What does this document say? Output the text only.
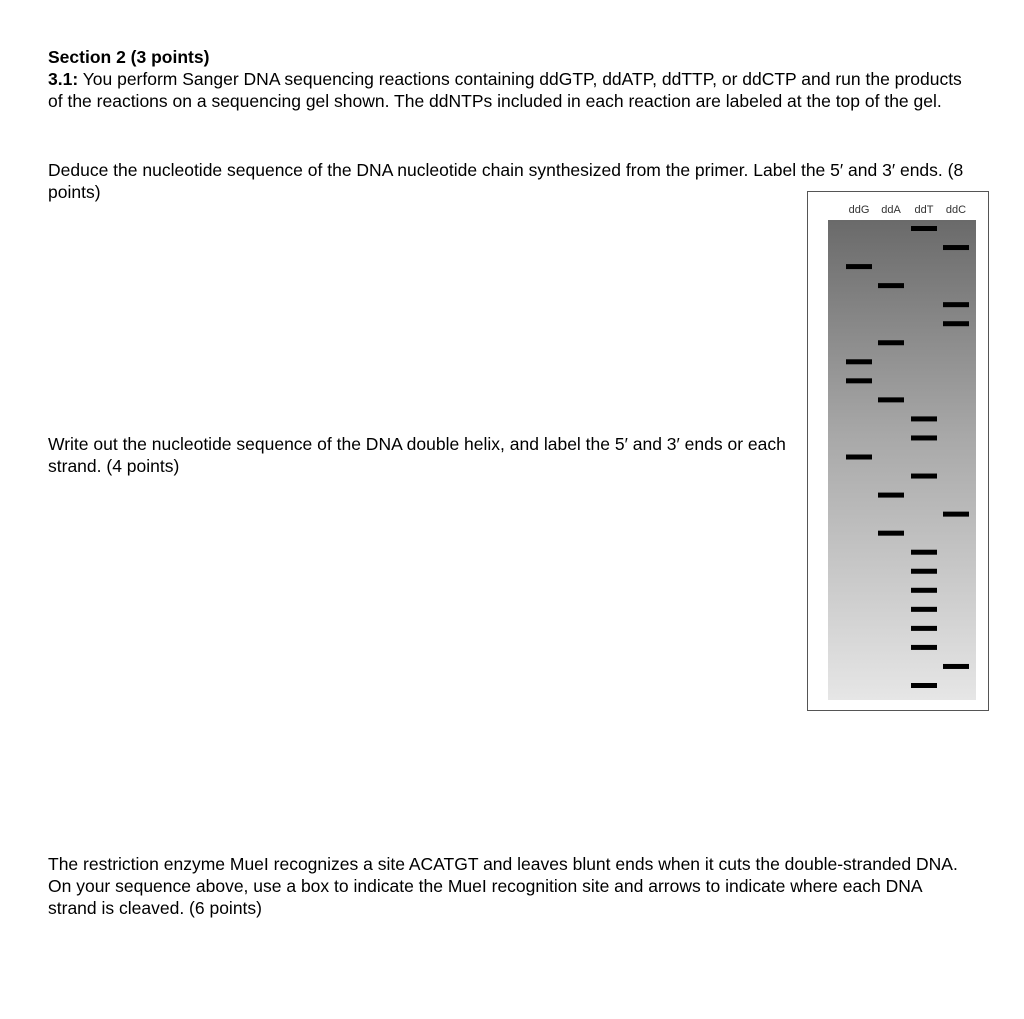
Section 2 (3 points)
3.1: You perform Sanger DNA sequencing reactions containing ddGTP, ddATP, ddTTP, or ddCTP and run the products of the reactions on a sequencing gel shown. The ddNTPs included in each reaction are labeled at the top of the gel.
Deduce the nucleotide sequence of the DNA nucleotide chain synthesized from the primer. Label the 5′ and 3′ ends. (8 points)
Write out the nucleotide sequence of the DNA double helix, and label the 5′ and 3′ ends or each strand. (4 points)
The restriction enzyme MueI recognizes a site ACATGT and leaves blunt ends when it cuts the double-stranded DNA. On your sequence above, use a box to indicate the MueI recognition site and arrows to indicate where each DNA strand is cleaved. (6 points)
ddG ddA ddT ddC
